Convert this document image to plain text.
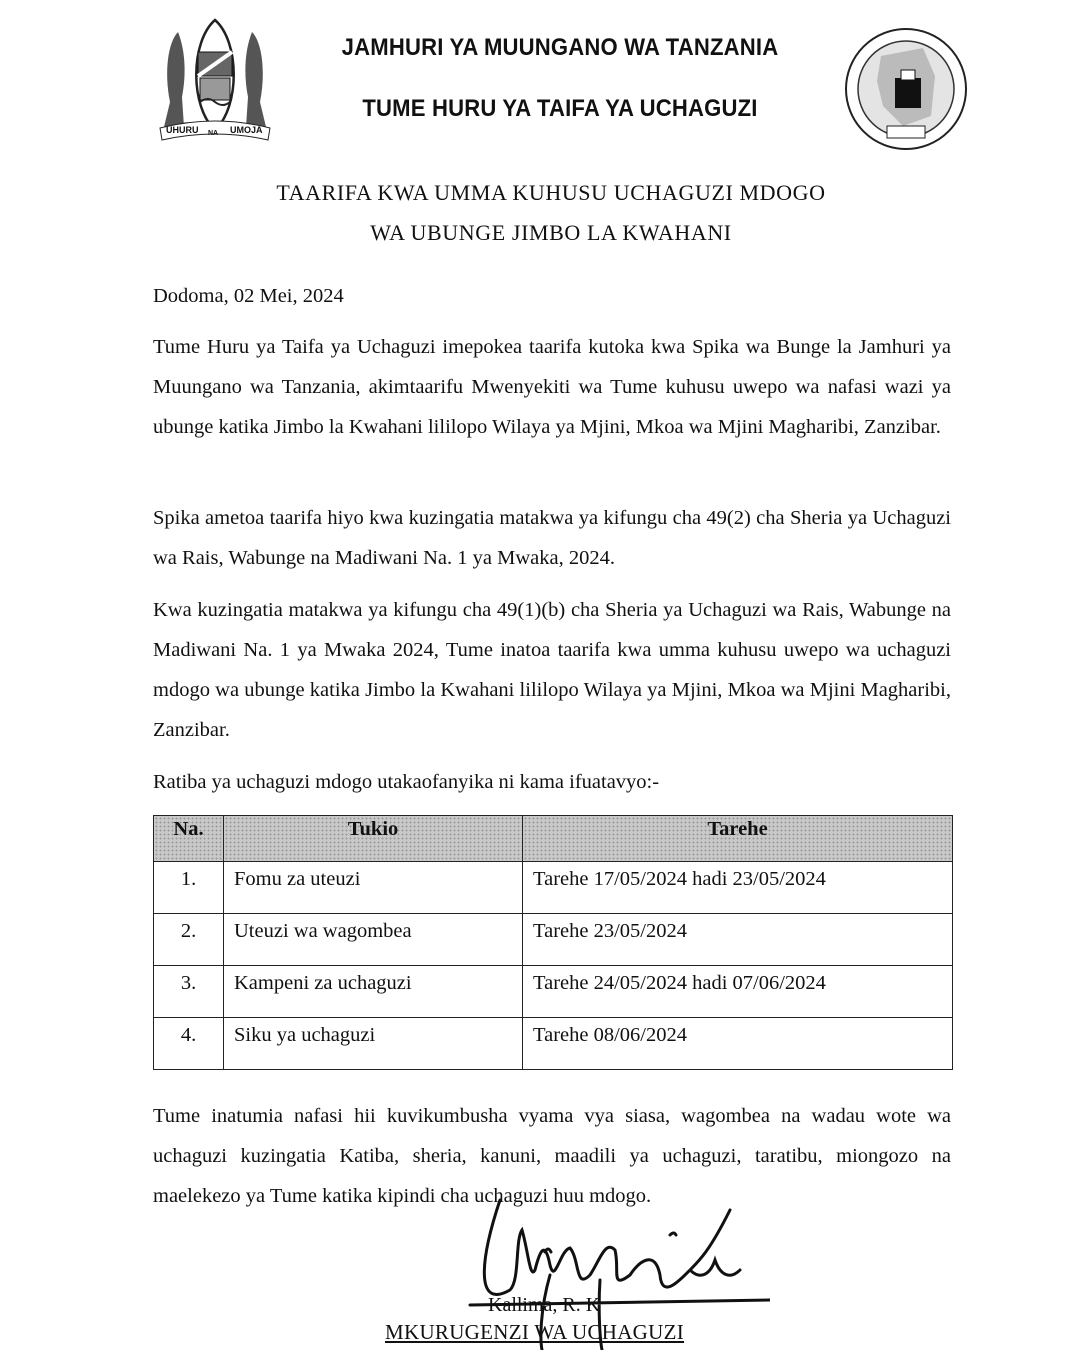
UHURU NA UMOJA
JAMHURI YA MUUNGANO WA TANZANIA
TUME HURU YA TAIFA YA UCHAGUZI
TAARIFA KWA UMMA KUHUSU UCHAGUZI MDOGO
WA UBUNGE JIMBO LA KWAHANI
Dodoma, 02 Mei, 2024
Tume Huru ya Taifa ya Uchaguzi imepokea taarifa kutoka kwa Spika wa Bunge la Jamhuri ya Muungano wa Tanzania, akimtaarifu Mwenyekiti wa Tume kuhusu uwepo wa nafasi wazi ya ubunge katika Jimbo la Kwahani lililopo Wilaya ya Mjini, Mkoa wa Mjini Magharibi, Zanzibar.
Spika ametoa taarifa hiyo kwa kuzingatia matakwa ya kifungu cha 49(2) cha Sheria ya Uchaguzi wa Rais, Wabunge na Madiwani Na. 1 ya Mwaka, 2024.
Kwa kuzingatia matakwa ya kifungu cha 49(1)(b) cha Sheria ya Uchaguzi wa Rais, Wabunge na Madiwani Na. 1 ya Mwaka 2024, Tume inatoa taarifa kwa umma kuhusu uwepo wa uchaguzi mdogo wa ubunge katika Jimbo la Kwahani lililopo Wilaya ya Mjini, Mkoa wa Mjini Magharibi, Zanzibar.
Ratiba ya uchaguzi mdogo utakaofanyika ni kama ifuatavyo:-
Na.	Tukio	Tarehe
1.	Fomu za uteuzi	Tarehe 17/05/2024 hadi 23/05/2024
2.	Uteuzi wa wagombea	Tarehe 23/05/2024
3.	Kampeni za uchaguzi	Tarehe 24/05/2024 hadi 07/06/2024
4.	Siku ya uchaguzi	Tarehe 08/06/2024
Tume inatumia nafasi hii kuvikumbusha vyama vya siasa, wagombea na wadau wote wa uchaguzi kuzingatia Katiba, sheria, kanuni, maadili ya uchaguzi, taratibu, miongozo na maelekezo ya Tume katika kipindi cha uchaguzi huu mdogo.
Kallima, R. K
MKURUGENZI WA UCHAGUZI
